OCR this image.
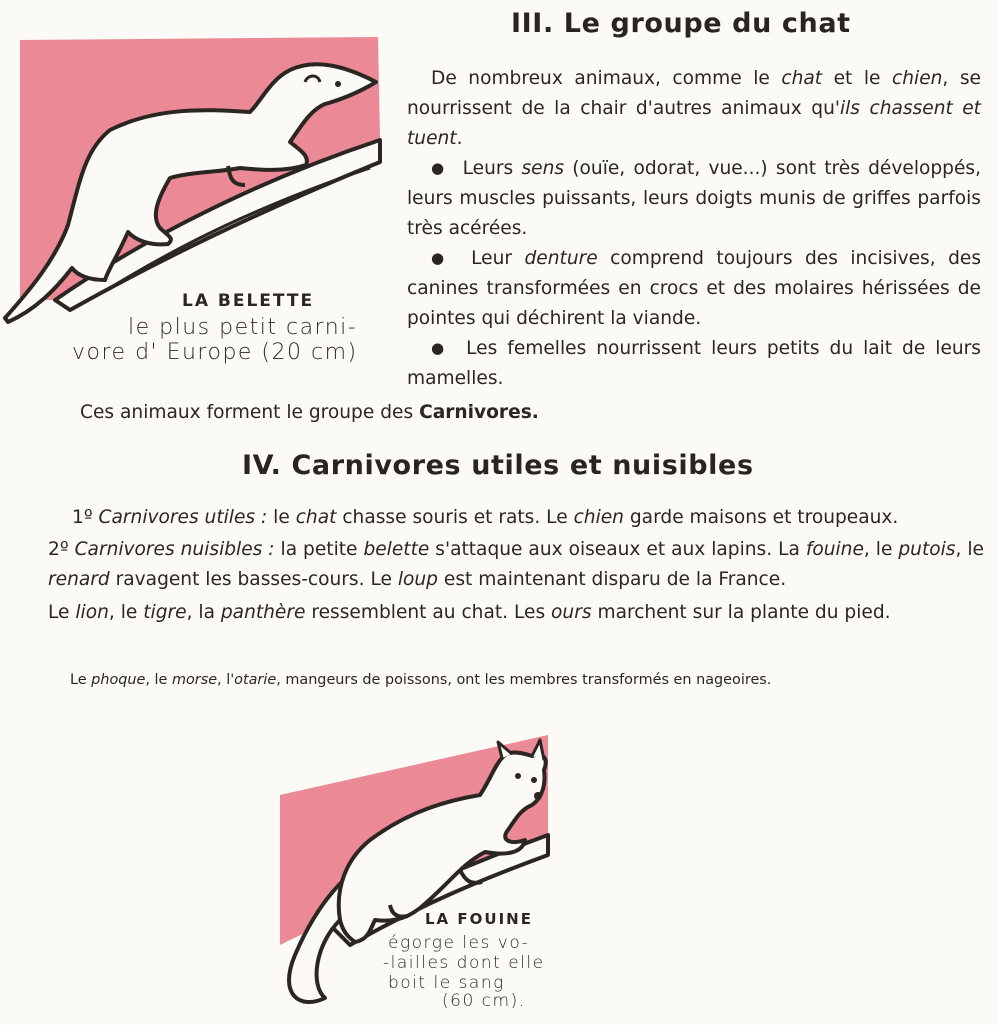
LA BELETTE
le plus petit carni-
vore d' Europe (20 cm)
III. Le groupe du chat

De nombreux animaux, comme le chat et le chien, se nourrissent de la chair d'autres animaux qu'ils chassent et tuent.

● Leurs sens (ouïe, odorat, vue...) sont très développés, leurs muscles puissants, leurs doigts munis de griffes parfois très acérées.

● Leur denture comprend toujours des incisives, des canines transformées en crocs et des molaires hérissées de pointes qui déchirent la viande.

● Les femelles nourrissent leurs petits du lait de leurs mamelles.

Ces animaux forment le groupe des Carnivores.
IV. Carnivores utiles et nuisibles

1º Carnivores utiles : le chat chasse souris et rats. Le chien garde maisons et troupeaux.

2º Carnivores nuisibles : la petite belette s'attaque aux oiseaux et aux lapins. La fouine, le putois, le renard ravagent les basses-cours. Le loup est maintenant disparu de la France.

Le lion, le tigre, la panthère ressemblent au chat. Les ours marchent sur la plante du pied.

Le phoque, le morse, l'otarie, mangeurs de poissons, ont les membres transformés en nageoires.
LA FOUINE
égorge les vo-
-lailles dont elle
boit le sang
(60 cm).
